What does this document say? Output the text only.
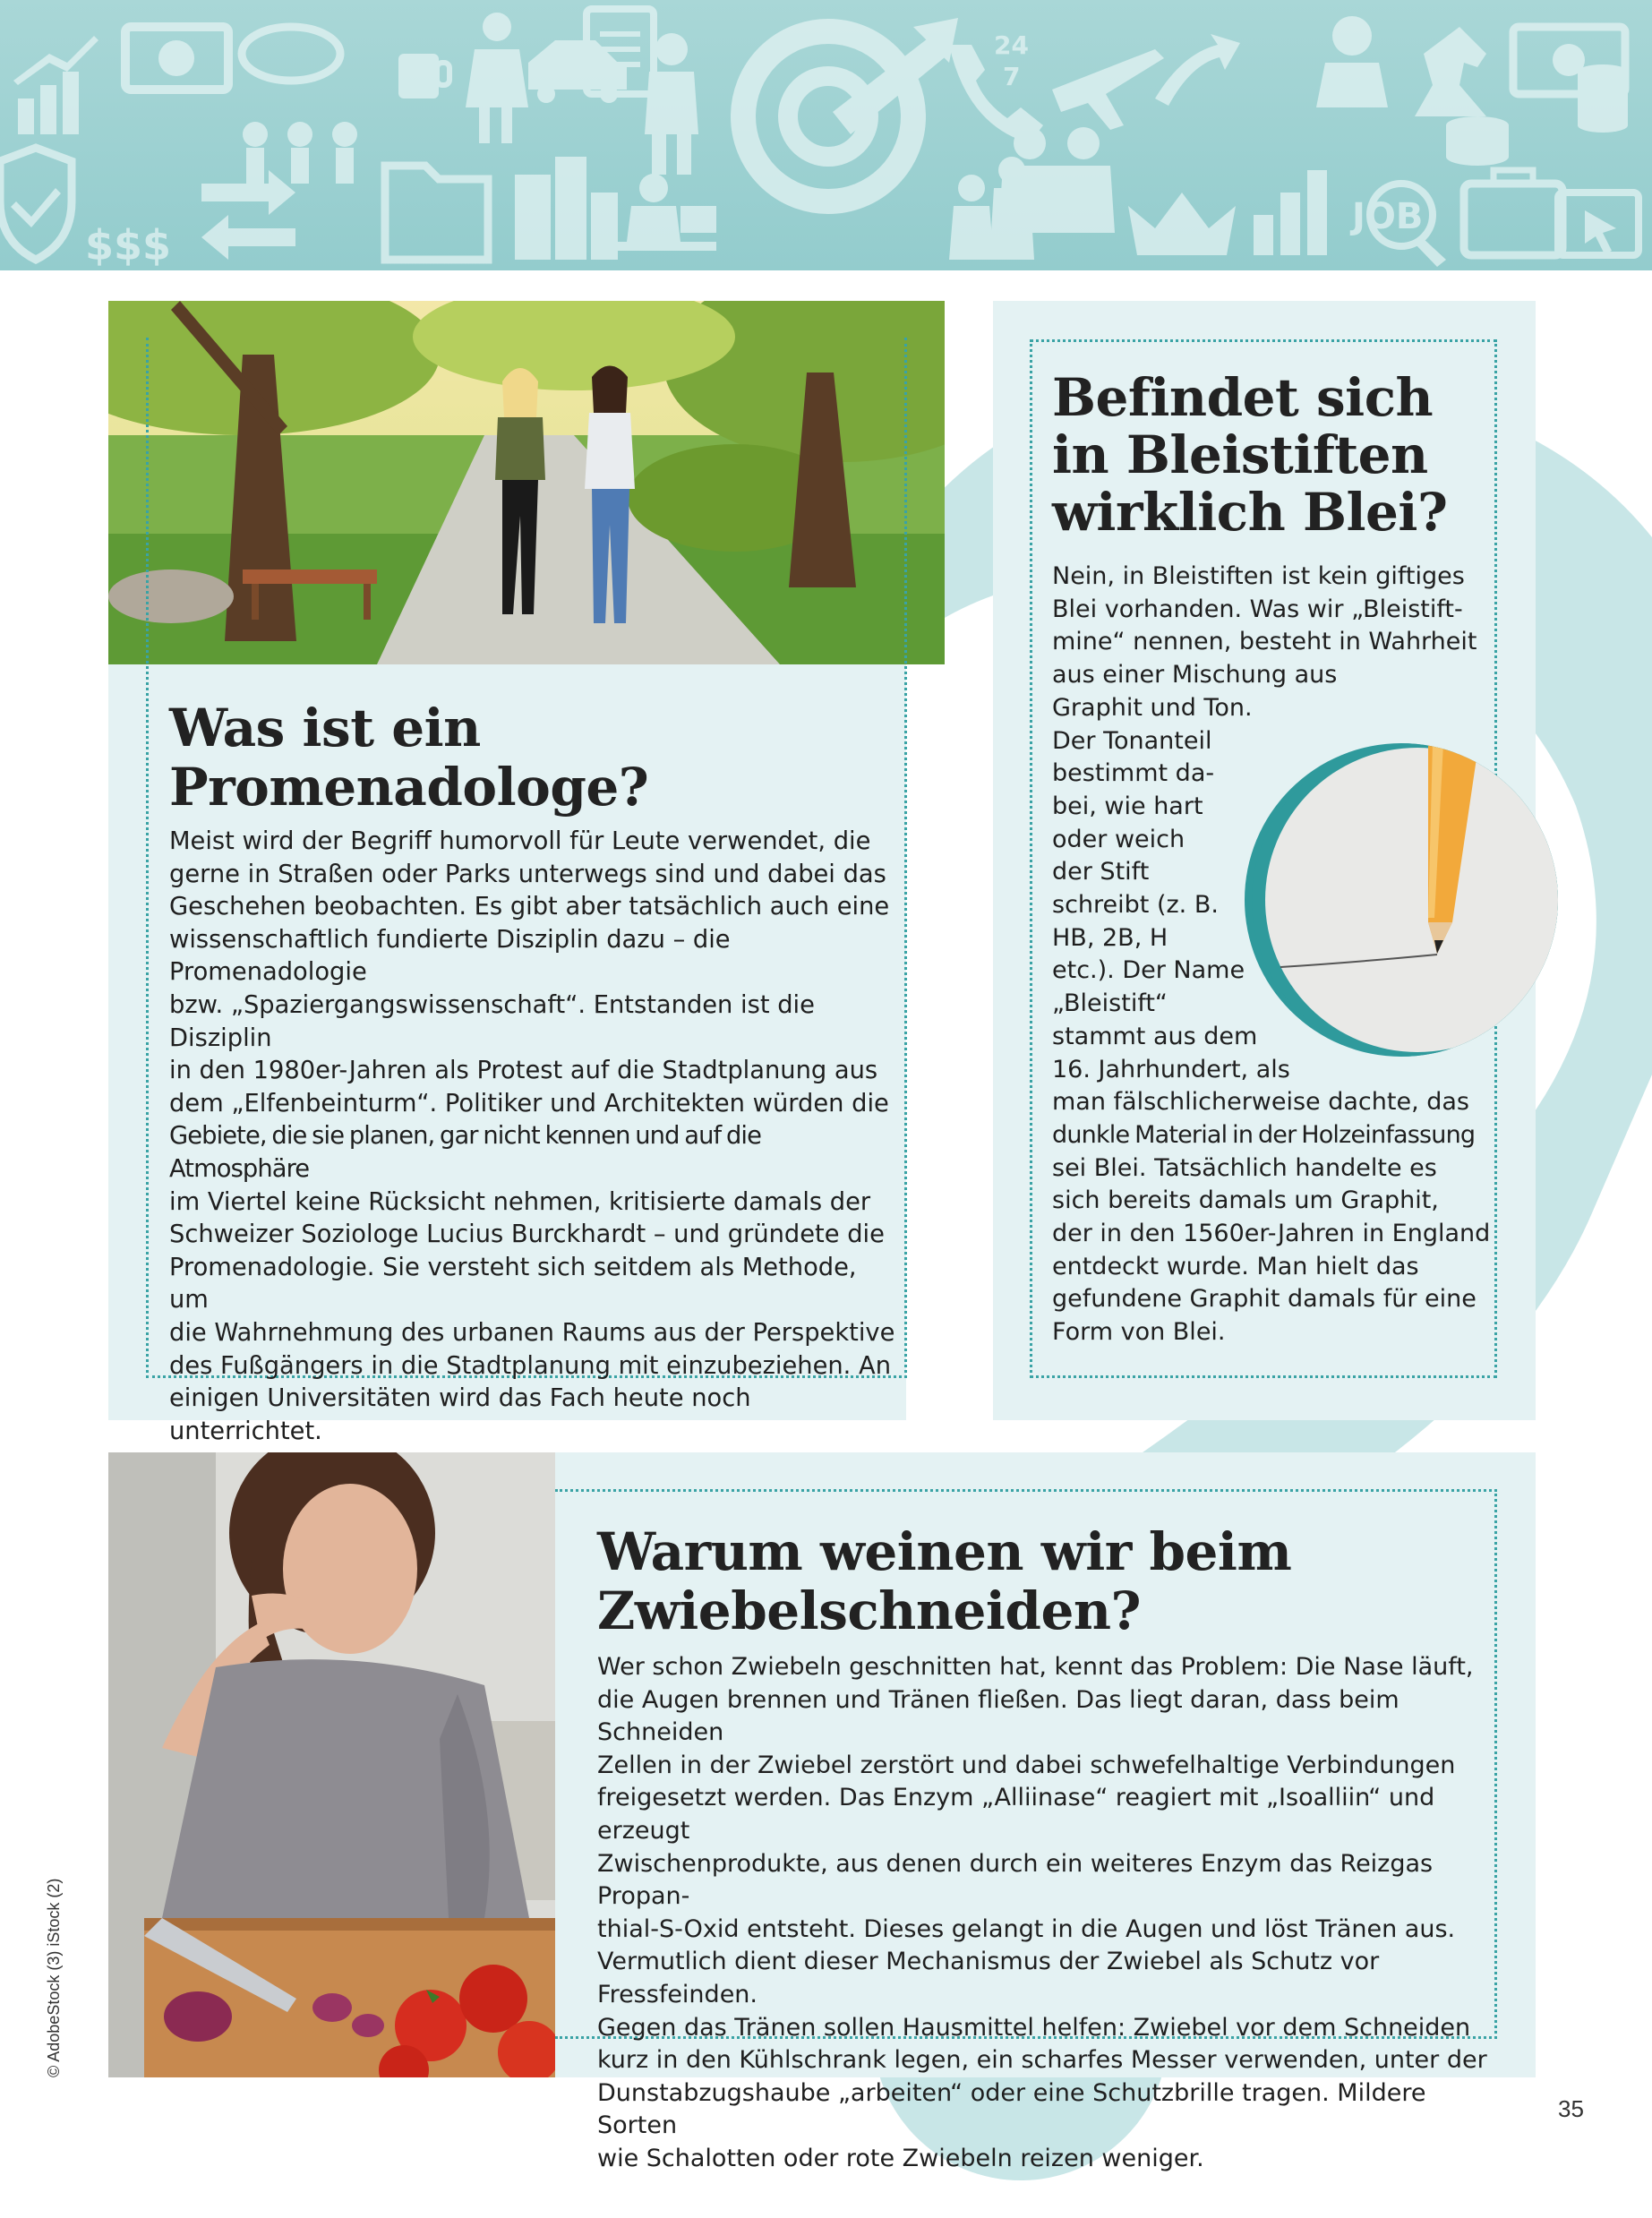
24
7
$$$
JOB
Was ist ein
Promenadologe?
Meist wird der Begriff humorvoll für Leute verwendet, die
gerne in Straßen oder Parks unterwegs sind und dabei das
Geschehen beobachten. Es gibt aber tatsächlich auch eine
wissenschaftlich fundierte Disziplin dazu – die Promenadologie
bzw. „Spaziergangswissenschaft“. Entstanden ist die Disziplin
in den 1980er-Jahren als Protest auf die Stadtplanung aus
dem „Elfenbeinturm“. Politiker und Architekten würden die
Gebiete, die sie planen, gar nicht kennen und auf die Atmosphäre
im Viertel keine Rücksicht nehmen, kritisierte damals der
Schweizer Soziologe Lucius Burckhardt – und gründete die
Promenadologie. Sie versteht sich seitdem als Methode, um
die Wahrnehmung des urbanen Raums aus der Perspektive
des Fußgängers in die Stadtplanung mit einzubeziehen. An
einigen Universitäten wird das Fach heute noch unterrichtet.
Befindet sich
in Bleistiften
wirklich Blei?
Nein, in Bleistiften ist kein giftiges
Blei vorhanden. Was wir „Bleistift-
mine“ nennen, besteht in Wahrheit
aus einer Mischung aus
Graphit und Ton.
Der Tonanteil
bestimmt da-
bei, wie hart
oder weich
der Stift
schreibt (z. B.
HB, 2B, H
etc.). Der Name
„Bleistift“
stammt aus dem
16. Jahrhundert, als
man fälschlicherweise dachte, das
dunkle Material in der Holzeinfassung
sei Blei. Tatsächlich handelte es
sich bereits damals um Graphit,
der in den 1560er-Jahren in England
entdeckt wurde. Man hielt das
gefundene Graphit damals für eine
Form von Blei.
Warum weinen wir beim
Zwiebelschneiden?
Wer schon Zwiebeln geschnitten hat, kennt das Problem: Die Nase läuft,
die Augen brennen und Tränen fließen. Das liegt daran, dass beim Schneiden
Zellen in der Zwiebel zerstört und dabei schwefelhaltige Verbindungen
freigesetzt werden. Das Enzym „Alliinase“ reagiert mit „Isoalliin“ und erzeugt
Zwischenprodukte, aus denen durch ein weiteres Enzym das Reizgas Propan-
thial-S-Oxid entsteht. Dieses gelangt in die Augen und löst Tränen aus.
Vermutlich dient dieser Mechanismus der Zwiebel als Schutz vor Fressfeinden.
Gegen das Tränen sollen Hausmittel helfen: Zwiebel vor dem Schneiden
kurz in den Kühlschrank legen, ein scharfes Messer verwenden, unter der
Dunstabzugshaube „arbeiten“ oder eine Schutzbrille tragen. Mildere Sorten
wie Schalotten oder rote Zwiebeln reizen weniger.
© AdobeStock (3) iStock (2)
35
